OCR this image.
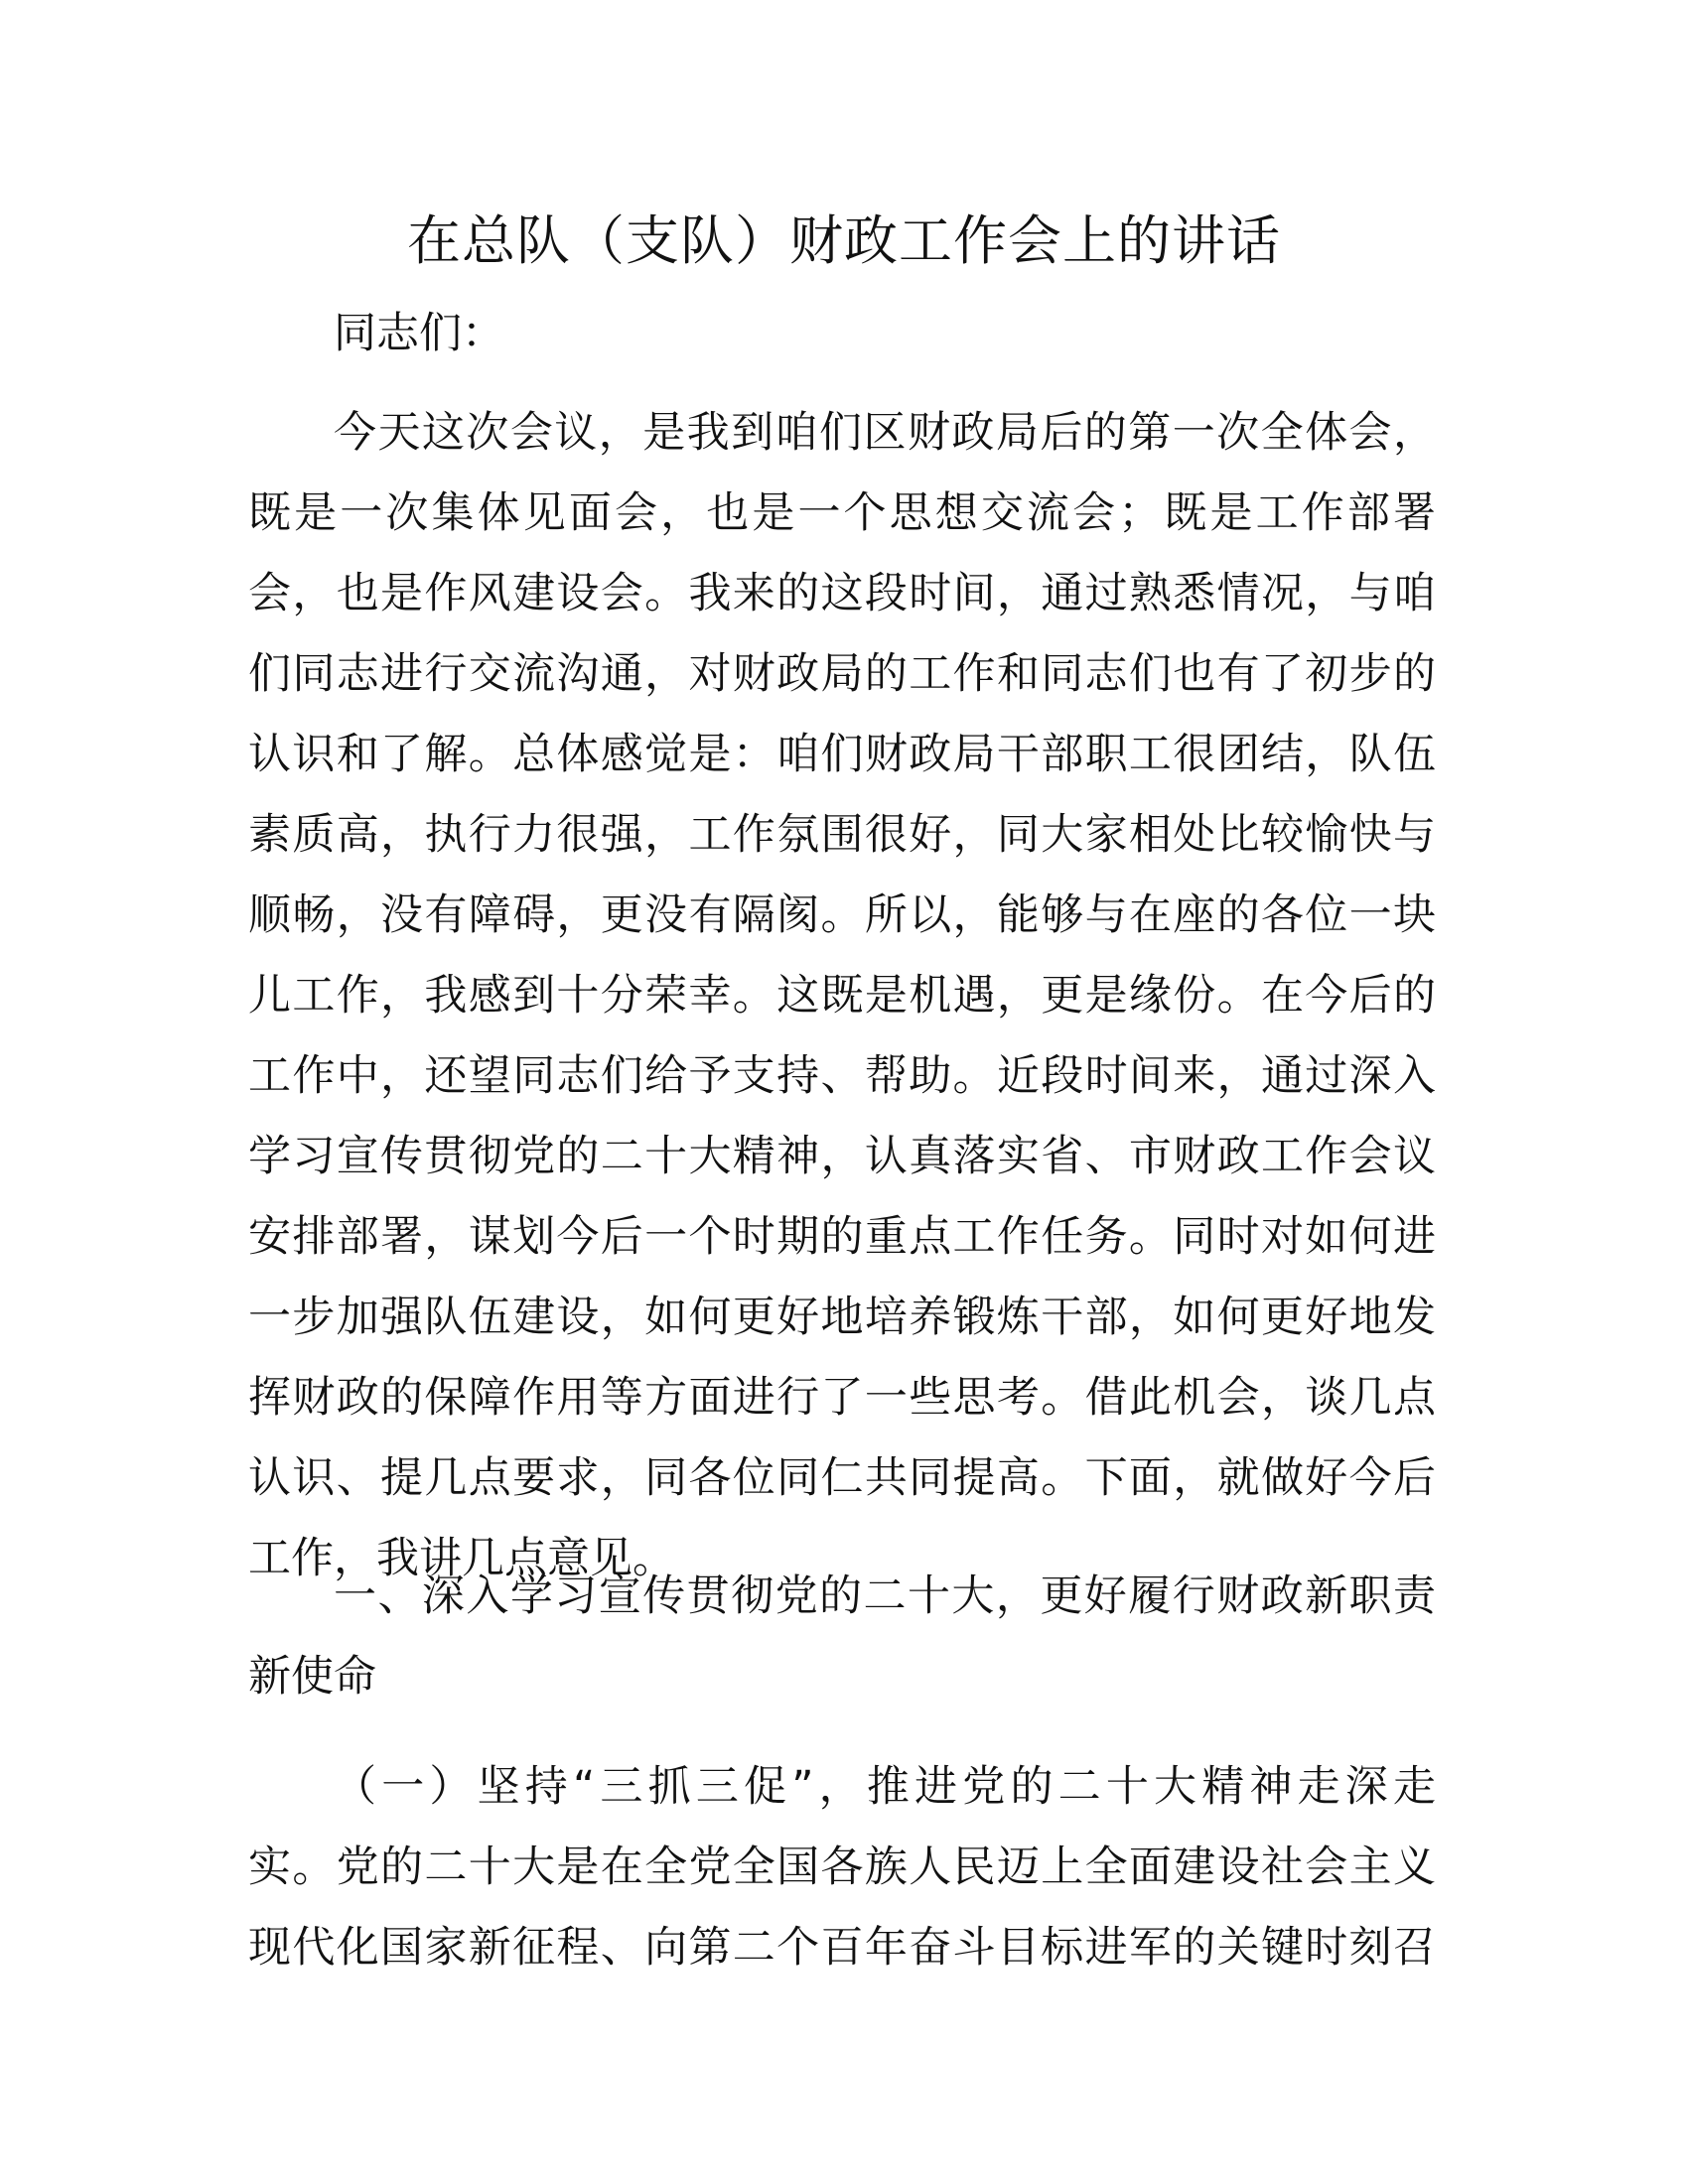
在总队（支队）财政工作会上的讲话

同志们：

今天这次会议，是我到咱们区财政局后的第一次全体会，
既是一次集体见面会，也是一个思想交流会；既是工作部署
会，也是作风建设会。我来的这段时间，通过熟悉情况，与咱
们同志进行交流沟通，对财政局的工作和同志们也有了初步的
认识和了解。总体感觉是：咱们财政局干部职工很团结，队伍
素质高，执行力很强，工作氛围很好，同大家相处比较愉快与
顺畅，没有障碍，更没有隔阂。所以，能够与在座的各位一块
儿工作，我感到十分荣幸。这既是机遇，更是缘份。在今后的
工作中，还望同志们给予支持、帮助。近段时间来，通过深入
学习宣传贯彻党的二十大精神，认真落实省、市财政工作会议
安排部署，谋划今后一个时期的重点工作任务。同时对如何进
一步加强队伍建设，如何更好地培养锻炼干部，如何更好地发
挥财政的保障作用等方面进行了一些思考。借此机会，谈几点
认识、提几点要求，同各位同仁共同提高。下面，就做好今后
工作，我讲几点意见。
一、深入学习宣传贯彻党的二十大，更好履行财政新职责
新使命
（一）坚持“三抓三促”，推进党的二十大精神走深走
实。党的二十大是在全党全国各族人民迈上全面建设社会主义
现代化国家新征程、向第二个百年奋斗目标进军的关键时刻召
